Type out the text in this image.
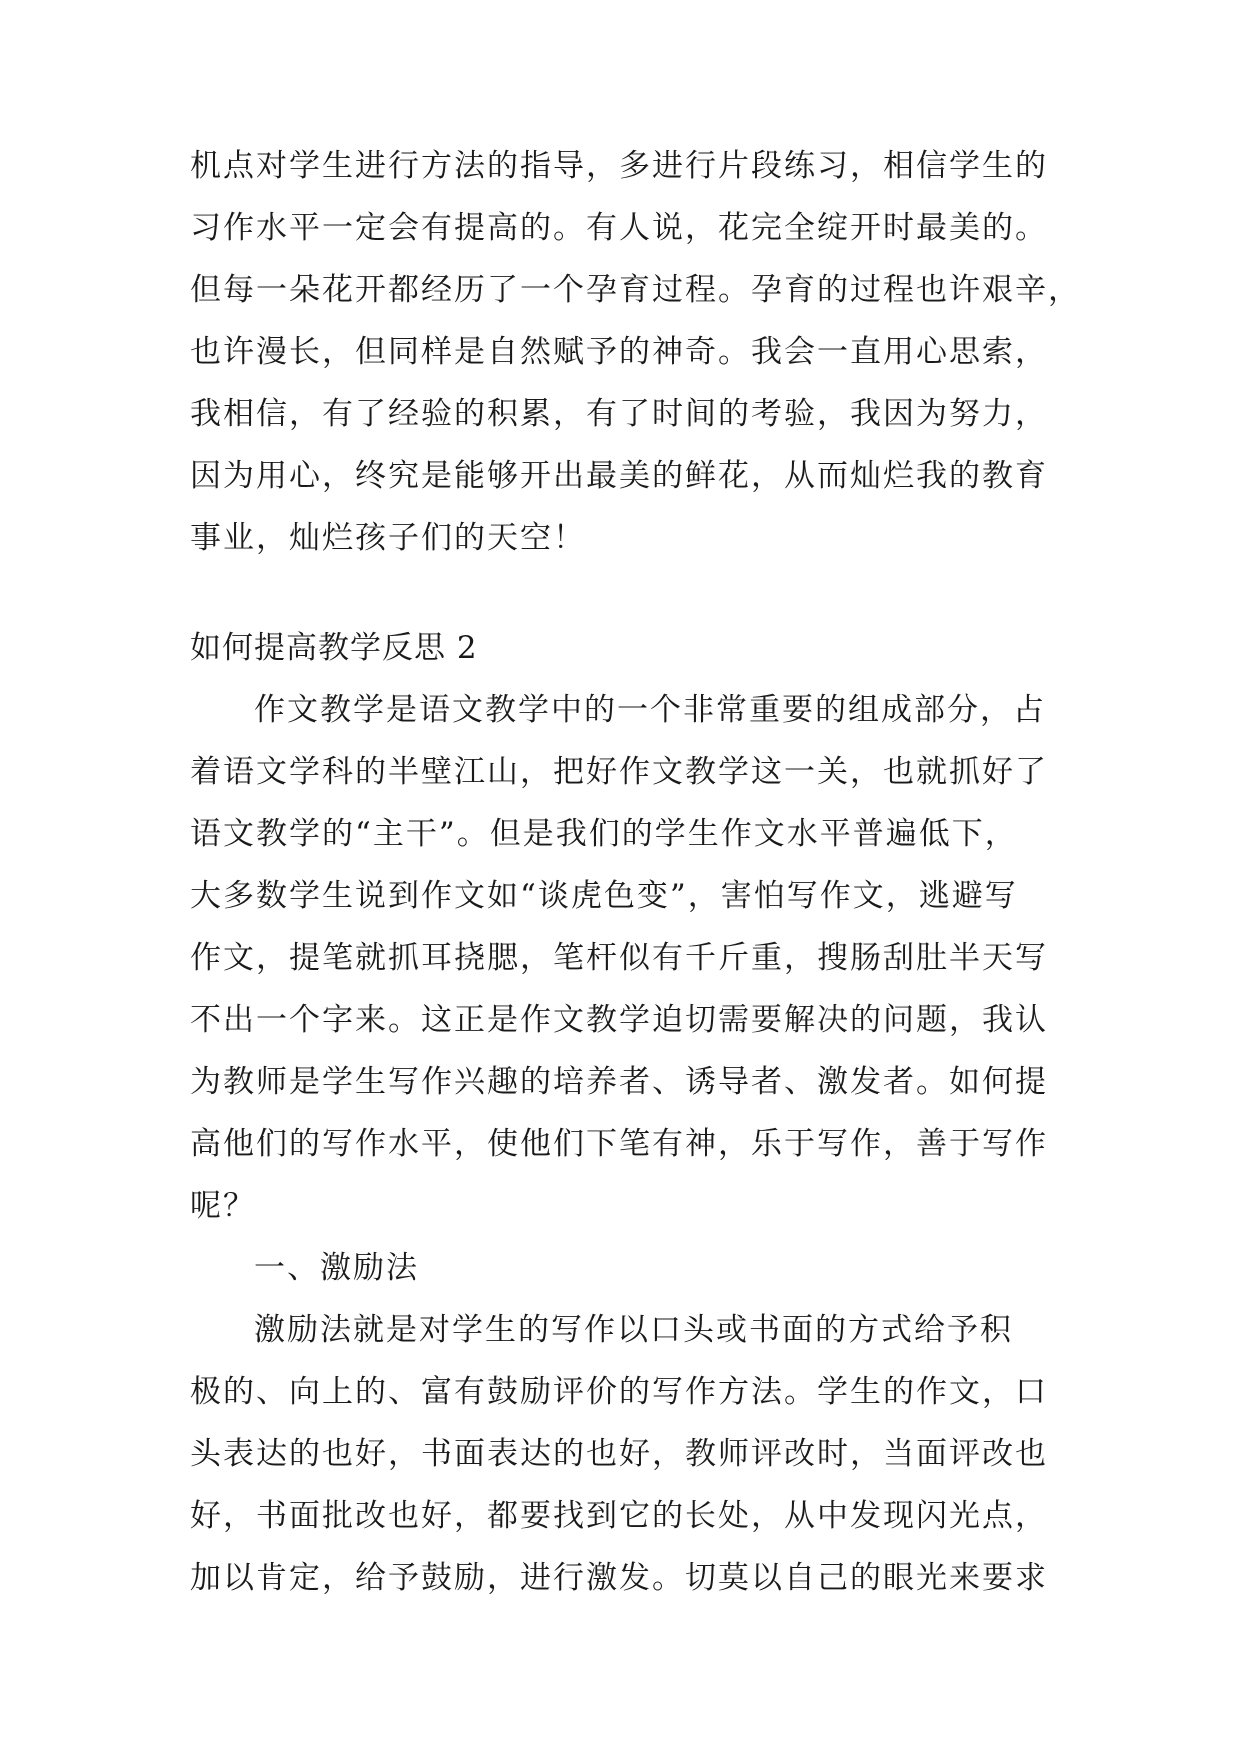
机点对学生进行方法的指导，多进行片段练习，相信学生的
习作水平一定会有提高的。有人说，花完全绽开时最美的。
但每一朵花开都经历了一个孕育过程。孕育的过程也许艰辛，
也许漫长，但同样是自然赋予的神奇。我会一直用心思索，
我相信，有了经验的积累，有了时间的考验，我因为努力，
因为用心，终究是能够开出最美的鲜花，从而灿烂我的教育
事业，灿烂孩子们的天空！
如何提高教学反思 2
作文教学是语文教学中的一个非常重要的组成部分，占
着语文学科的半壁江山，把好作文教学这一关，也就抓好了
语文教学的“主干”。但是我们的学生作文水平普遍低下，
大多数学生说到作文如“谈虎色变”，害怕写作文，逃避写
作文，提笔就抓耳挠腮，笔杆似有千斤重，搜肠刮肚半天写
不出一个字来。这正是作文教学迫切需要解决的问题，我认
为教师是学生写作兴趣的培养者、诱导者、激发者。如何提
高他们的写作水平，使他们下笔有神，乐于写作，善于写作
呢？
一、激励法
激励法就是对学生的写作以口头或书面的方式给予积
极的、向上的、富有鼓励评价的写作方法。学生的作文，口
头表达的也好，书面表达的也好，教师评改时，当面评改也
好，书面批改也好，都要找到它的长处，从中发现闪光点，
加以肯定，给予鼓励，进行激发。切莫以自己的眼光来要求
